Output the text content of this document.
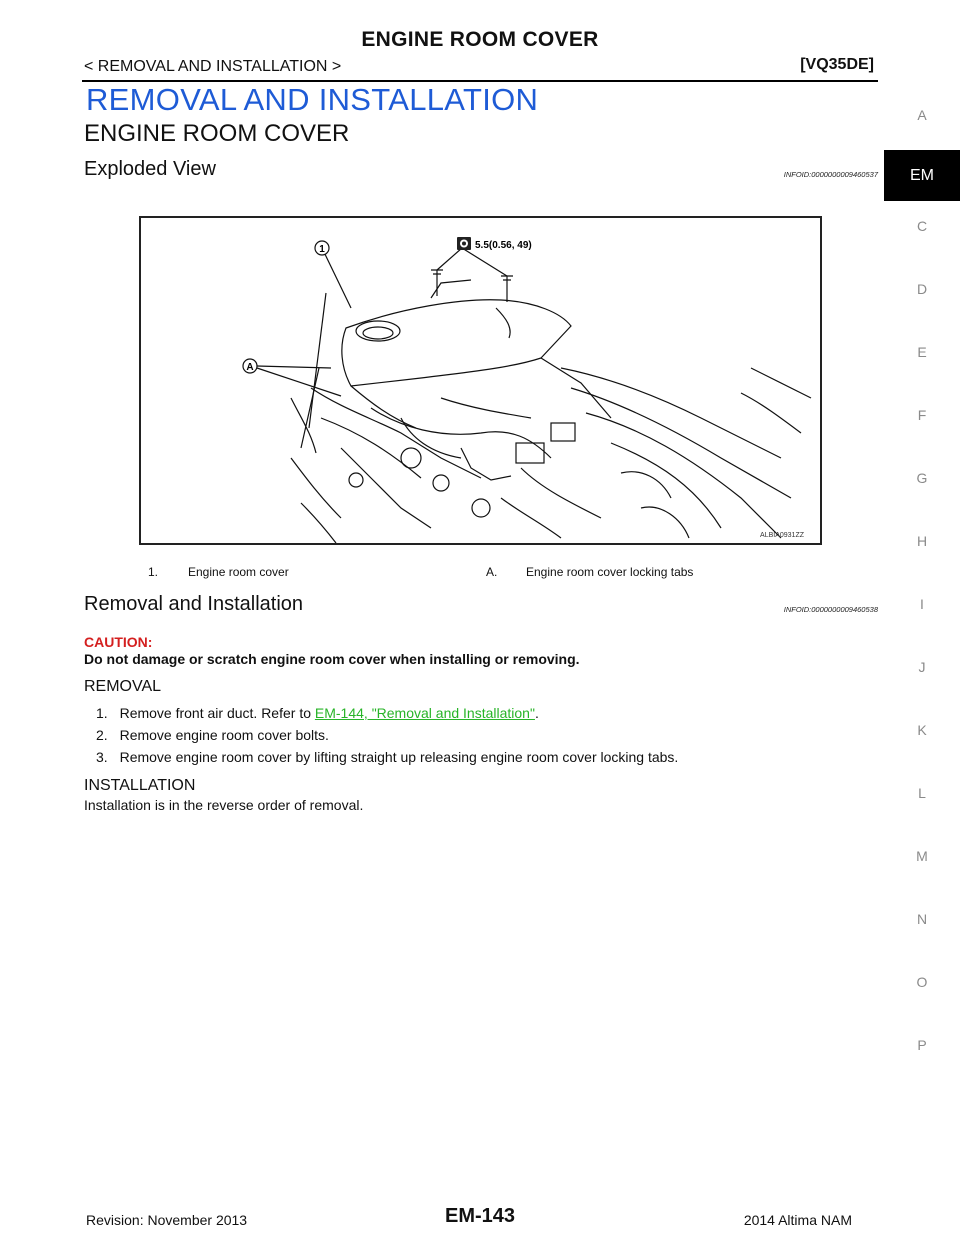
ENGINE ROOM COVER
< REMOVAL AND INSTALLATION >	[VQ35DE]
REMOVAL AND INSTALLATION
ENGINE ROOM COVER
Exploded View	INFOID:0000000009460537
A
EM
C
D
E
F
G
H
I
J
K
L
M
N
O
P
1
A
5.5(0.56, 49)
ALBIA0931ZZ
1. Engine room cover	A. Engine room cover locking tabs
Removal and Installation	INFOID:0000000009460538
CAUTION:
Do not damage or scratch engine room cover when installing or removing.
REMOVAL
1. Remove front air duct. Refer to EM-144, "Removal and Installation".
2. Remove engine room cover bolts.
3. Remove engine room cover by lifting straight up releasing engine room cover locking tabs.
INSTALLATION
Installation is in the reverse order of removal.
Revision: November 2013	EM-143	2014 Altima NAM
